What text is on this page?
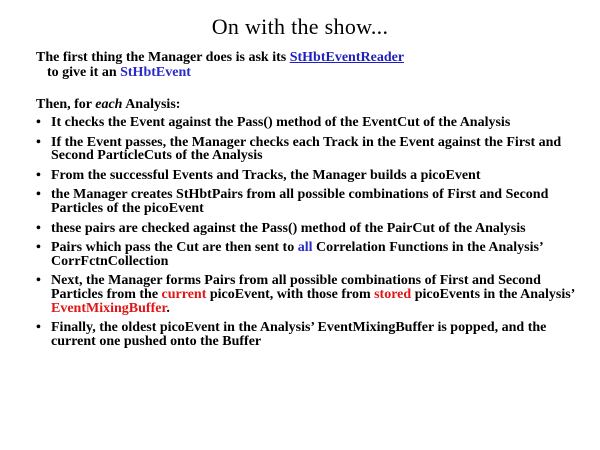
On with the show...
The first thing the Manager does is ask its StHbtEventReader
to give it an StHbtEvent
Then, for each Analysis:
• It checks the Event against the Pass() method of the EventCut of the Analysis
• If the Event passes, the Manager checks each Track in the Event against the First and Second ParticleCuts of the Analysis
• From the successful Events and Tracks, the Manager builds a picoEvent
• the Manager creates StHbtPairs from all possible combinations of First and Second Particles of the picoEvent
• these pairs are checked against the Pass() method of the PairCut of the Analysis
• Pairs which pass the Cut are then sent to all Correlation Functions in the Analysis’ CorrFctnCollection
• Next, the Manager forms Pairs from all possible combinations of First and Second Particles from the current picoEvent, with those from stored picoEvents in the Analysis’ EventMixingBuffer.
• Finally, the oldest picoEvent in the Analysis’ EventMixingBuffer is popped, and the current one pushed onto the Buffer
